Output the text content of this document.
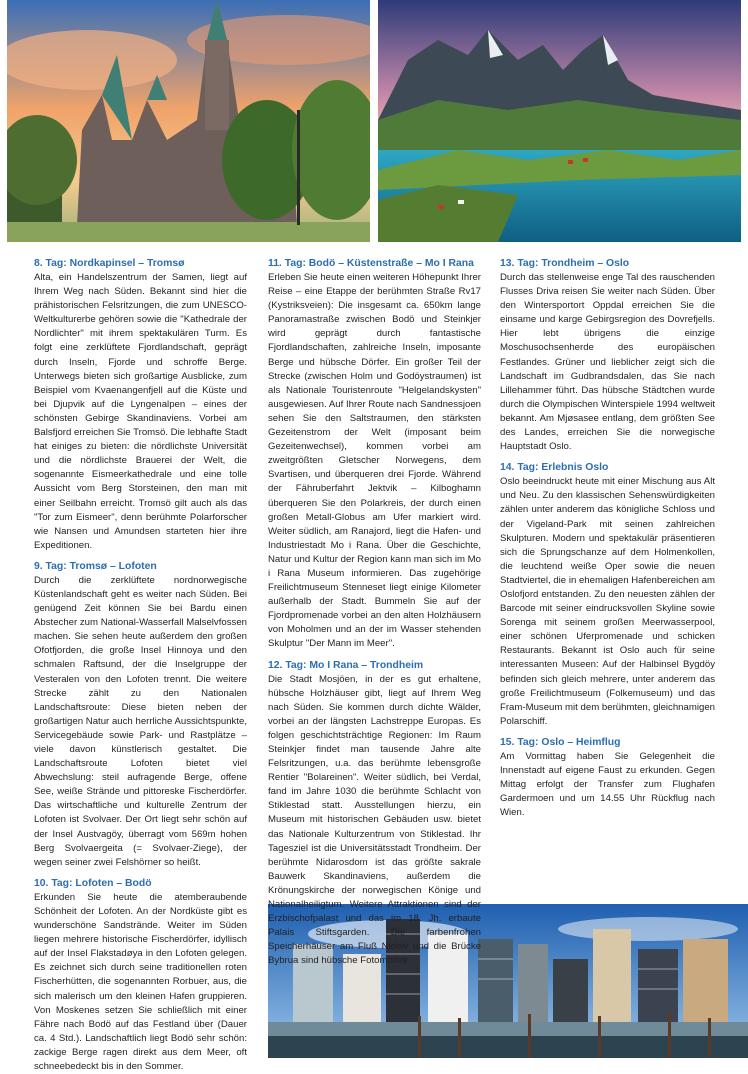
8. Tag: Nordkapinsel – Tromsø

Alta, ein Handelszentrum der Samen, liegt auf Ihrem Weg nach Süden. Bekannt sind hier die prähistorischen Felsritzungen, die zum UNESCO-Weltkulturerbe gehören sowie die "Kathedrale der Nordlichter" mit ihrem spektakulären Turm. Es folgt eine zerklüftete Fjordlandschaft, geprägt durch Inseln, Fjorde und schroffe Berge. Unterwegs bieten sich großartige Ausblicke, zum Beispiel vom Kvaenangenfjell auf die Küste und bei Djupvik auf die Lyngenalpen – eines der schönsten Gebirge Skandinaviens. Vorbei am Balsfjord erreichen Sie Tromsö. Die lebhafte Stadt hat einiges zu bieten: die nördlichste Universität und die nördlichste Brauerei der Welt, die sogenannte Eismeerkathedrale und eine tolle Aussicht vom Berg Storsteinen, den man mit einer Seilbahn erreicht. Tromsö gilt auch als das "Tor zum Eismeer", denn berühmte Polarforscher wie Nansen und Amundsen starteten hier ihre Expeditionen.

9. Tag: Tromsø – Lofoten

Durch die zerklüftete nordnorwegische Küstenlandschaft geht es weiter nach Süden. Bei genügend Zeit können Sie bei Bardu einen Abstecher zum National-Wasserfall Malselvfossen machen. Sie sehen heute außerdem den großen Ofotfjorden, die große Insel Hinnoya und den schmalen Raftsund, der die Inselgruppe der Vesteralen von den Lofoten trennt. Die weitere Strecke zählt zu den Nationalen Landschaftsroute: Diese bieten neben der großartigen Natur auch herrliche Aussichtspunkte, Servicegebäude sowie Park- und Rastplätze – viele davon künstlerisch gestaltet. Die Landschaftsroute Lofoten bietet viel Abwechslung: steil aufragende Berge, offene See, weiße Strände und pittoreske Fischerdörfer. Das wirtschaftliche und kulturelle Zentrum der Lofoten ist Svolvaer. Der Ort liegt sehr schön auf der Insel Austvagöy, überragt vom 569m hohen Berg Svolvaergeita (= Svolvaer-Ziege), der wegen seiner zwei Felshörner so heißt.

10. Tag: Lofoten – Bodö

Erkunden Sie heute die atemberaubende Schönheit der Lofoten. An der Nordküste gibt es wunderschöne Sandstrände. Weiter im Süden liegen mehrere historische Fischerdörfer, idyllisch auf der Insel Flakstadøya in den Lofoten gelegen. Es zeichnet sich durch seine traditionellen roten Fischerhütten, die sogenannten Rorbuer, aus, die sich malerisch um den kleinen Hafen gruppieren. Von Moskenes setzen Sie schließlich mit einer Fähre nach Bodö auf das Festland über (Dauer ca. 4 Std.). Landschaftlich liegt Bodö sehr schön: zackige Berge ragen direkt aus dem Meer, oft schneebedeckt bis in den Sommer.

11. Tag: Bodö – Küstenstraße – Mo I Rana

Erleben Sie heute einen weiteren Höhepunkt Ihrer Reise – eine Etappe der berühmten Straße Rv17 (Kystriksveien): Die insgesamt ca. 650km lange Panoramastraße zwischen Bodö und Steinkjer wird geprägt durch fantastische Fjordlandschaften, zahlreiche Inseln, imposante Berge und hübsche Dörfer. Ein großer Teil der Strecke (zwischen Holm und Godöystraumen) ist als Nationale Touristenroute "Helgelandskysten" ausgewiesen. Auf Ihrer Route nach Sandnessjoen sehen Sie den Saltstraumen, den stärksten Gezeitenstrom der Welt (imposant beim Gezeitenwechsel), kommen vorbei am zweitgrößten Gletscher Norwegens, dem Svartisen, und überqueren drei Fjorde. Während der Fähruberfahrt Jektvik – Kilboghamn überqueren Sie den Polarkreis, der durch einen großen Metall-Globus am Ufer markiert wird. Weiter südlich, am Ranajord, liegt die Hafen- und Industriestadt Mo i Rana. Über die Geschichte, Natur und Kultur der Region kann man sich im Mo i Rana Museum informieren. Das zugehörige Freilichtmuseum Stenneset liegt einige Kilometer außerhalb der Stadt. Bummeln Sie auf der Fjordpromenade vorbei an den alten Holzhäusern von Moholmen und an der im Wasser stehenden Skulptur "Der Mann im Meer".

12. Tag: Mo I Rana – Trondheim

Die Stadt Mosjöen, in der es gut erhaltene, hübsche Holzhäuser gibt, liegt auf Ihrem Weg nach Süden. Sie kommen durch dichte Wälder, vorbei an der längsten Lachstreppe Europas. Es folgen geschichtsträchtige Regionen: Im Raum Steinkjer findet man tausende Jahre alte Felsritzungen, u.a. das berühmte lebensgroße Rentier "Bolareinen". Weiter südlich, bei Verdal, fand im Jahre 1030 die berühmte Schlacht von Stiklestad statt. Ausstellungen hierzu, ein Museum mit historischen Gebäuden usw. bietet das Nationale Kulturzentrum von Stiklestad. Ihr Tagesziel ist die Universitätsstadt Trondheim. Der berühmte Nidarosdom ist das größte sakrale Bauwerk Skandinaviens, außerdem die Krönungskirche der norwegischen Könige und Nationalheiligtum. Weitere Attraktionen sind der Erzbischofpalast und das im 18. Jh. erbaute Palais Stiftsgarden. Die farbenfrohen Speicherhäuser am Fluß Nidelv und die Brücke Bybrua sind hübsche Fotomotive.

13. Tag: Trondheim – Oslo

Durch das stellenweise enge Tal des rauschenden Flusses Driva reisen Sie weiter nach Süden. Über den Wintersportort Oppdal erreichen Sie die einsame und karge Gebirgsregion des Dovrefjells. Hier lebt übrigens die einzige Moschusochsenherde des europäischen Festlandes. Grüner und lieblicher zeigt sich die Landschaft im Gudbrandsdalen, das Sie nach Lillehammer führt. Das hübsche Städtchen wurde durch die Olympischen Winterspiele 1994 weltweit bekannt. Am Mjøsasee entlang, dem größten See des Landes, erreichen Sie die norwegische Hauptstadt Oslo.

14. Tag: Erlebnis Oslo

Oslo beeindruckt heute mit einer Mischung aus Alt und Neu. Zu den klassischen Sehenswürdigkeiten zählen unter anderem das königliche Schloss und der Vigeland-Park mit seinen zahlreichen Skulpturen. Modern und spektakulär präsentieren sich die Sprungschanze auf dem Holmenkollen, die leuchtend weiße Oper sowie die neuen Stadtviertel, die in ehemaligen Hafenbereichen am Oslofjord entstanden. Zu den neuesten zählen der Barcode mit seiner eindrucksvollen Skyline sowie Sorenga mit seinem großen Meerwasserpool, einer schönen Uferpromenade und schicken Restaurants. Bekannt ist Oslo auch für seine interessanten Museen: Auf der Halbinsel Bygdöy befinden sich gleich mehrere, unter anderem das große Freilichtmuseum (Folkemuseum) und das Fram-Museum mit dem berühmten, gleichnamigen Polarschiff.

15. Tag: Oslo – Heimflug

Am Vormittag haben Sie Gelegenheit die Innenstadt auf eigene Faust zu erkunden. Gegen Mittag erfolgt der Transfer zum Flughafen Gardermoen und um 14.55 Uhr Rückflug nach Wien.
